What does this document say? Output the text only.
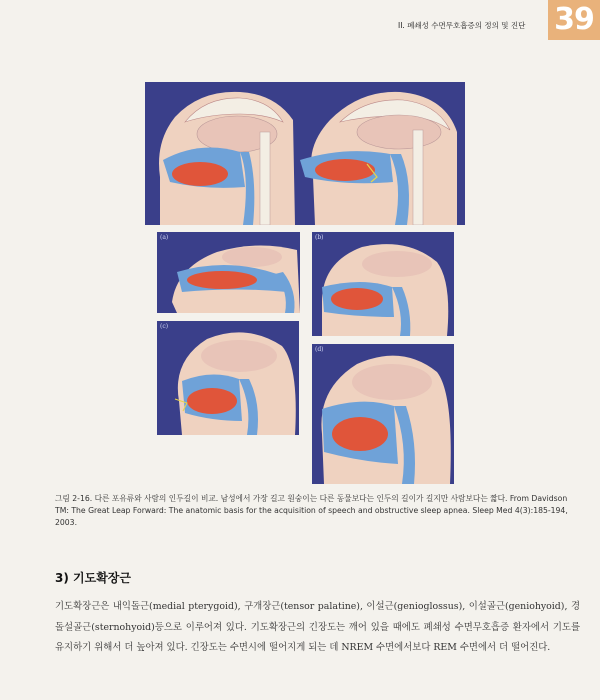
II. 폐쇄성 수면무호흡증의 정의 및 진단 39
(a)	(b)
(c)
(d)
그림 2-16. 다른 포유류와 사람의 인두길이 비교. 남성에서 가장 길고 원숭이는 다른 동물보다는 인두의 길이가 길지만 사람보다는 짧다. From Davidson TM: The Great Leap Forward: The anatomic basis for the acquisition of speech and obstructive sleep apnea. Sleep Med 4(3):185-194, 2003.
3) 기도확장근
기도확장근은 내익돌근(medial pterygoid), 구개장근(tensor palatine), 이설근(genioglossus), 이설골근(geniohyoid), 경돌설골근(sternohyoid)등으로 이루어져 있다. 기도확장근의 긴장도는 깨어 있을 때에도 폐쇄성 수면무호흡증 환자에서 기도를 유지하기 위해서 더 높아져 있다. 긴장도는 수면시에 떨어지게 되는 데 NREM 수면에서보다 REM 수면에서 더 떨어진다.
